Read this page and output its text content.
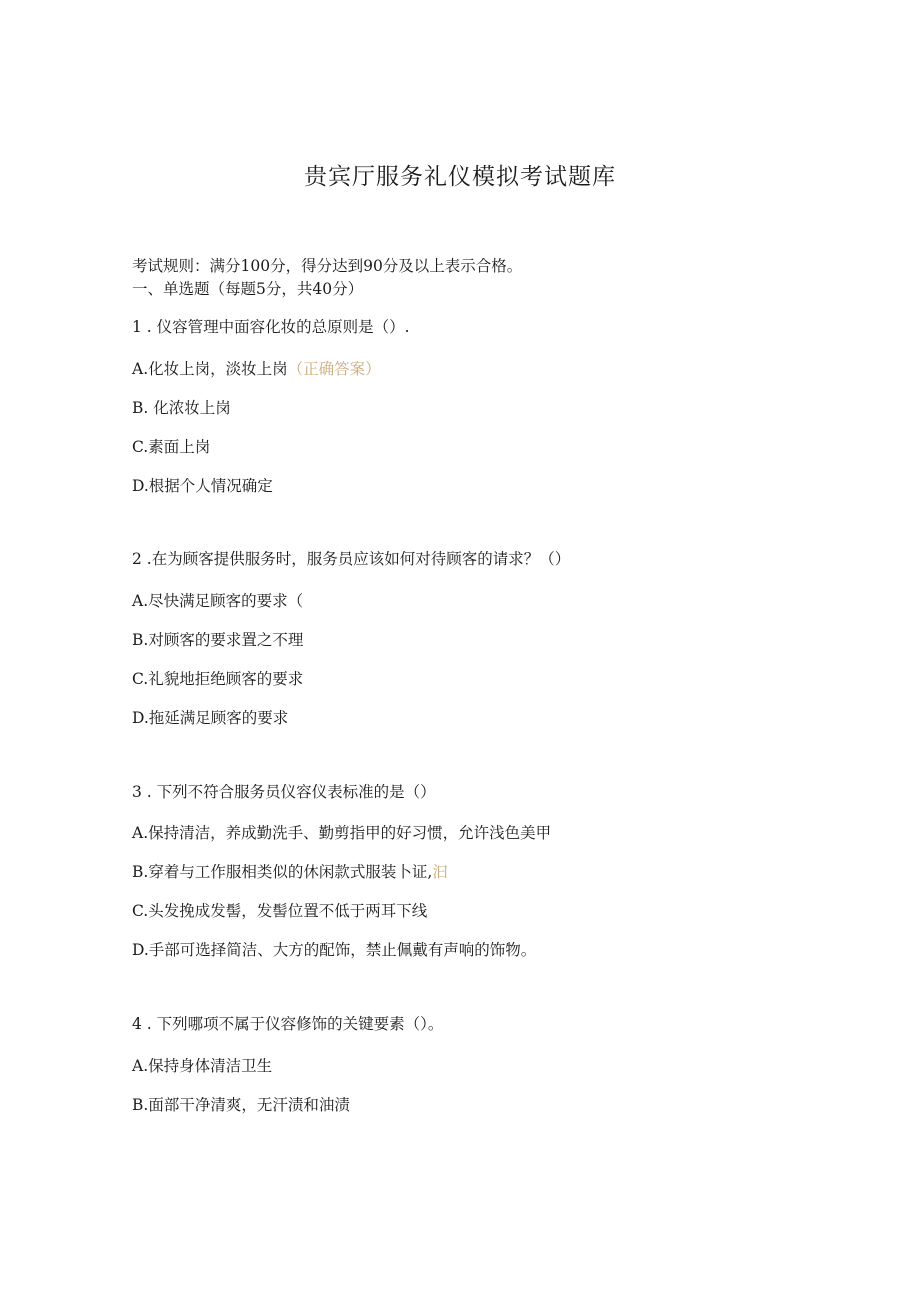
贵宾厅服务礼仪模拟考试题库
考试规则：满分100分，得分达到90分及以上表示合格。
一、单选题（每题5分，共40分）
1 . 仪容管理中面容化妆的总原则是（）.
A.化妆上岗，淡妆上岗（正确答案）
B. 化浓妆上岗
C.素面上岗
D.根据个人情况确定
2 .在为顾客提供服务时，服务员应该如何对待顾客的请求？（）
A.尽快满足顾客的要求（
B.对顾客的要求置之不理
C.礼貌地拒绝顾客的要求
D.拖延满足顾客的要求
3 . 下列不符合服务员仪容仪表标准的是（）
A.保持清洁，养成勤洗手、勤剪指甲的好习惯，允许浅色美甲
B.穿着与工作服相类似的休闲款式服装卜证,汩
C.头发挽成发髻，发髻位置不低于两耳下线
D.手部可选择简洁、大方的配饰，禁止佩戴有声响的饰物。
4 . 下列哪项不属于仪容修饰的关键要素（）。
A.保持身体清洁卫生
B.面部干净清爽，无汗渍和油渍
